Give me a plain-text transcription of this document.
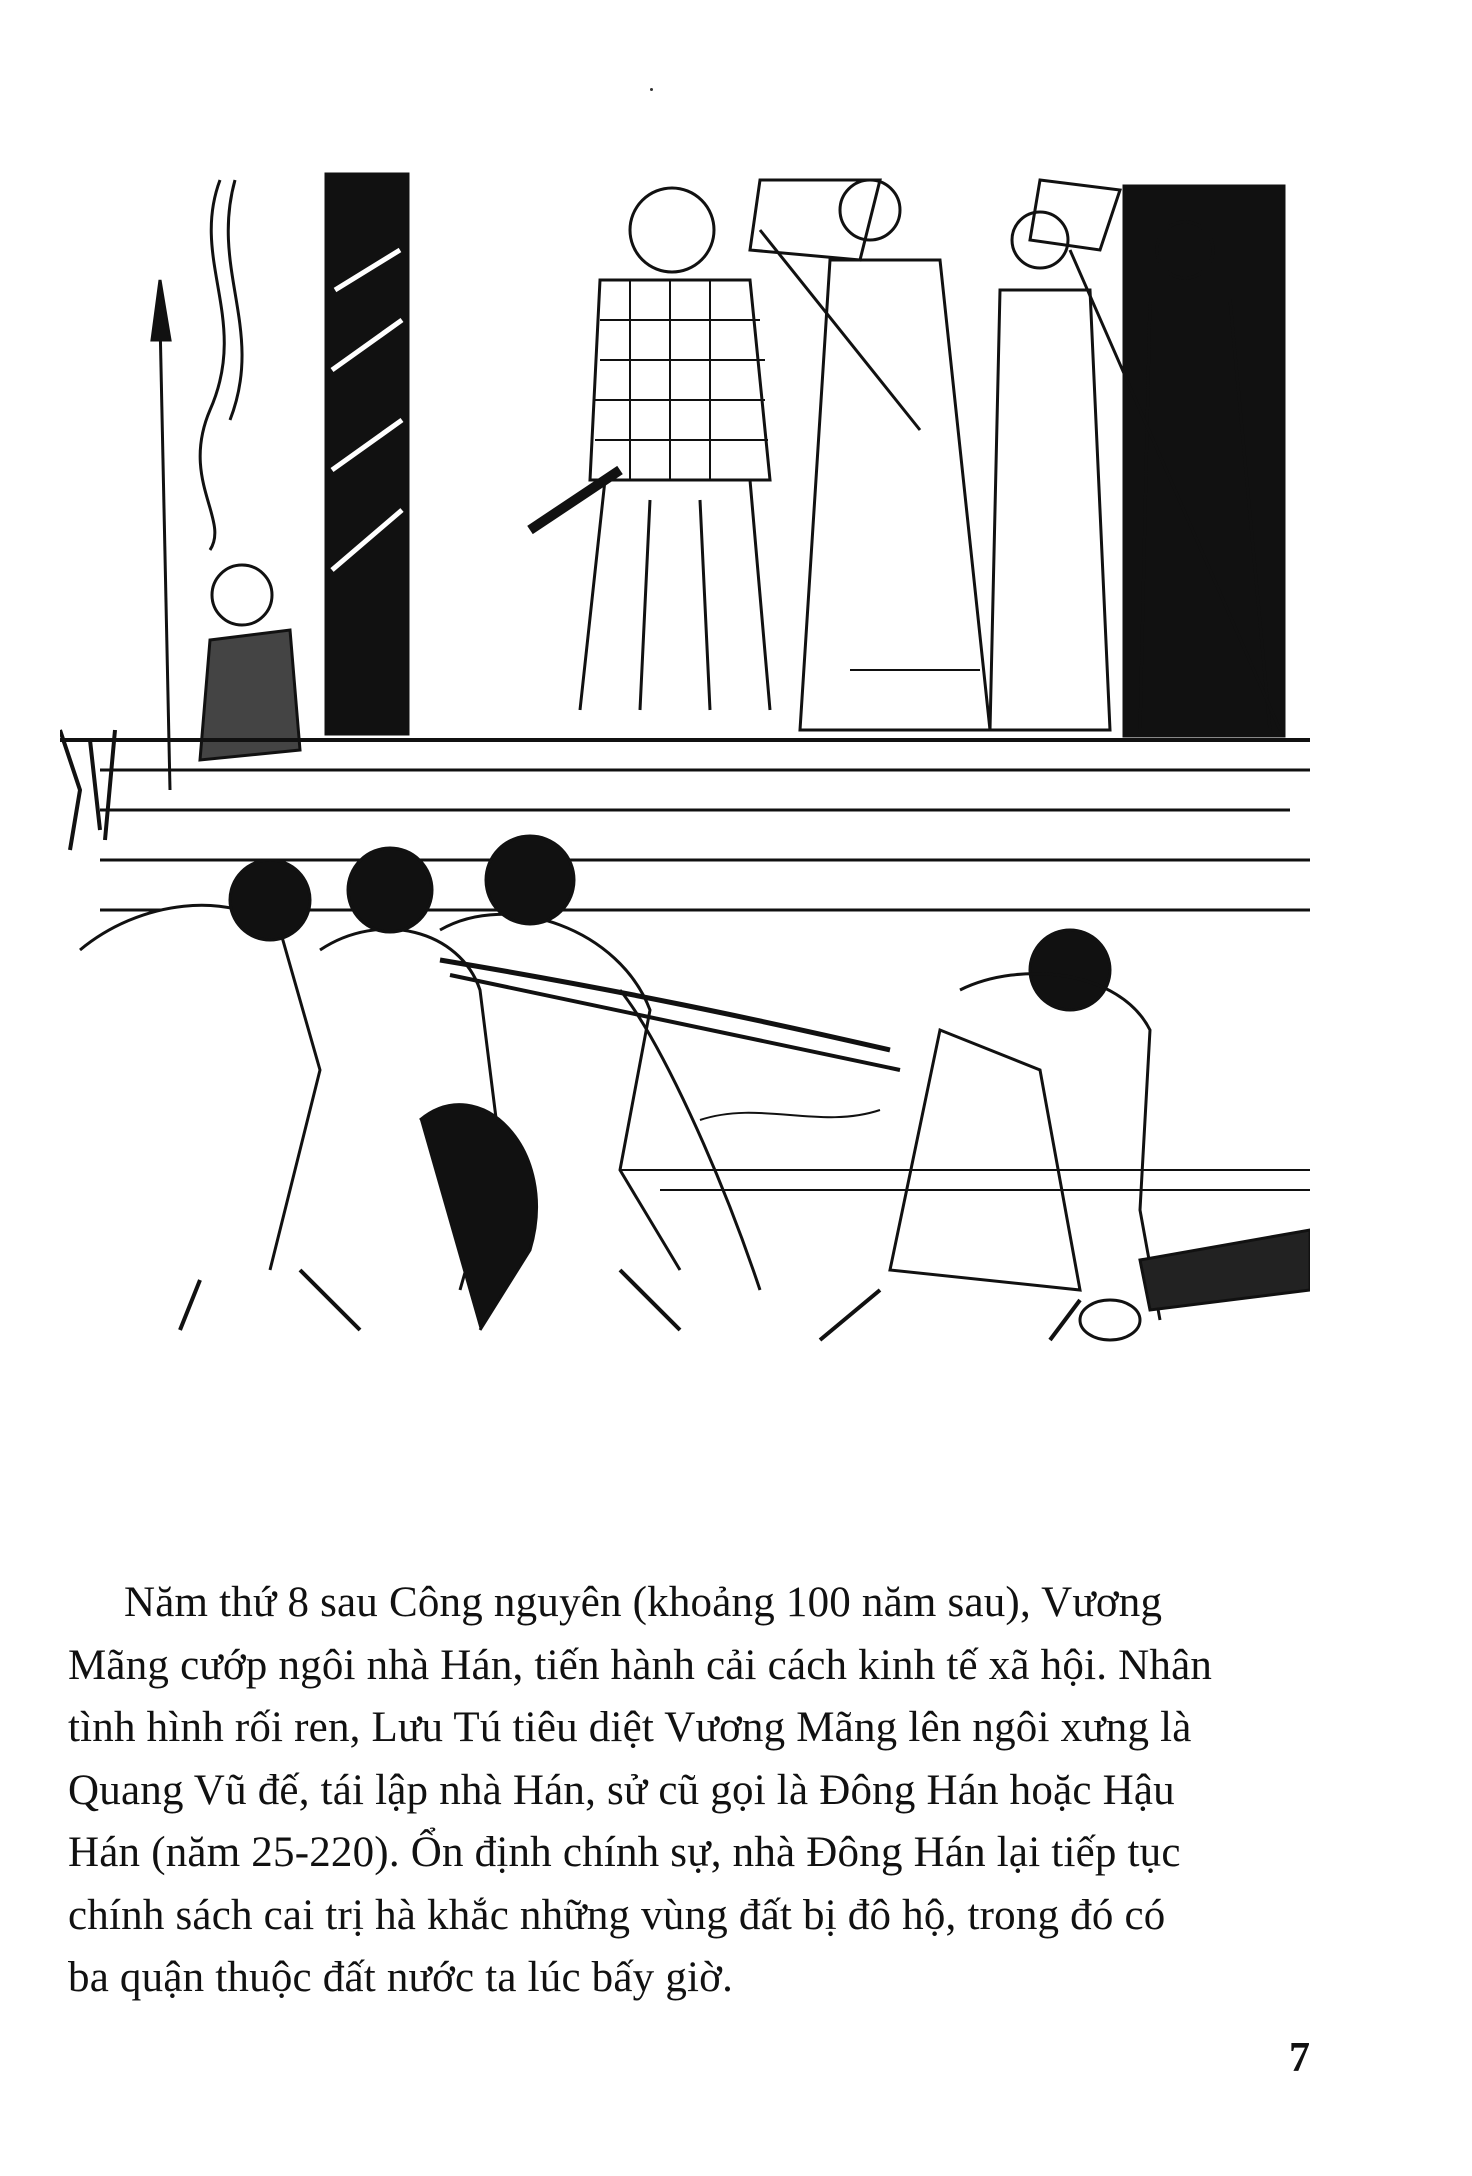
Năm thứ 8 sau Công nguyên (khoảng 100 năm sau), Vương
Mãng cướp ngôi nhà Hán, tiến hành cải cách kinh tế xã hội. Nhân
tình hình rối ren, Lưu Tú tiêu diệt Vương Mãng lên ngôi xưng là
Quang Vũ đế, tái lập nhà Hán, sử cũ gọi là Đông Hán hoặc Hậu
Hán (năm 25-220). Ổn định chính sự, nhà Đông Hán lại tiếp tục
chính sách cai trị hà khắc những vùng đất bị đô hộ, trong đó có
ba quận thuộc đất nước ta lúc bấy giờ.
7
